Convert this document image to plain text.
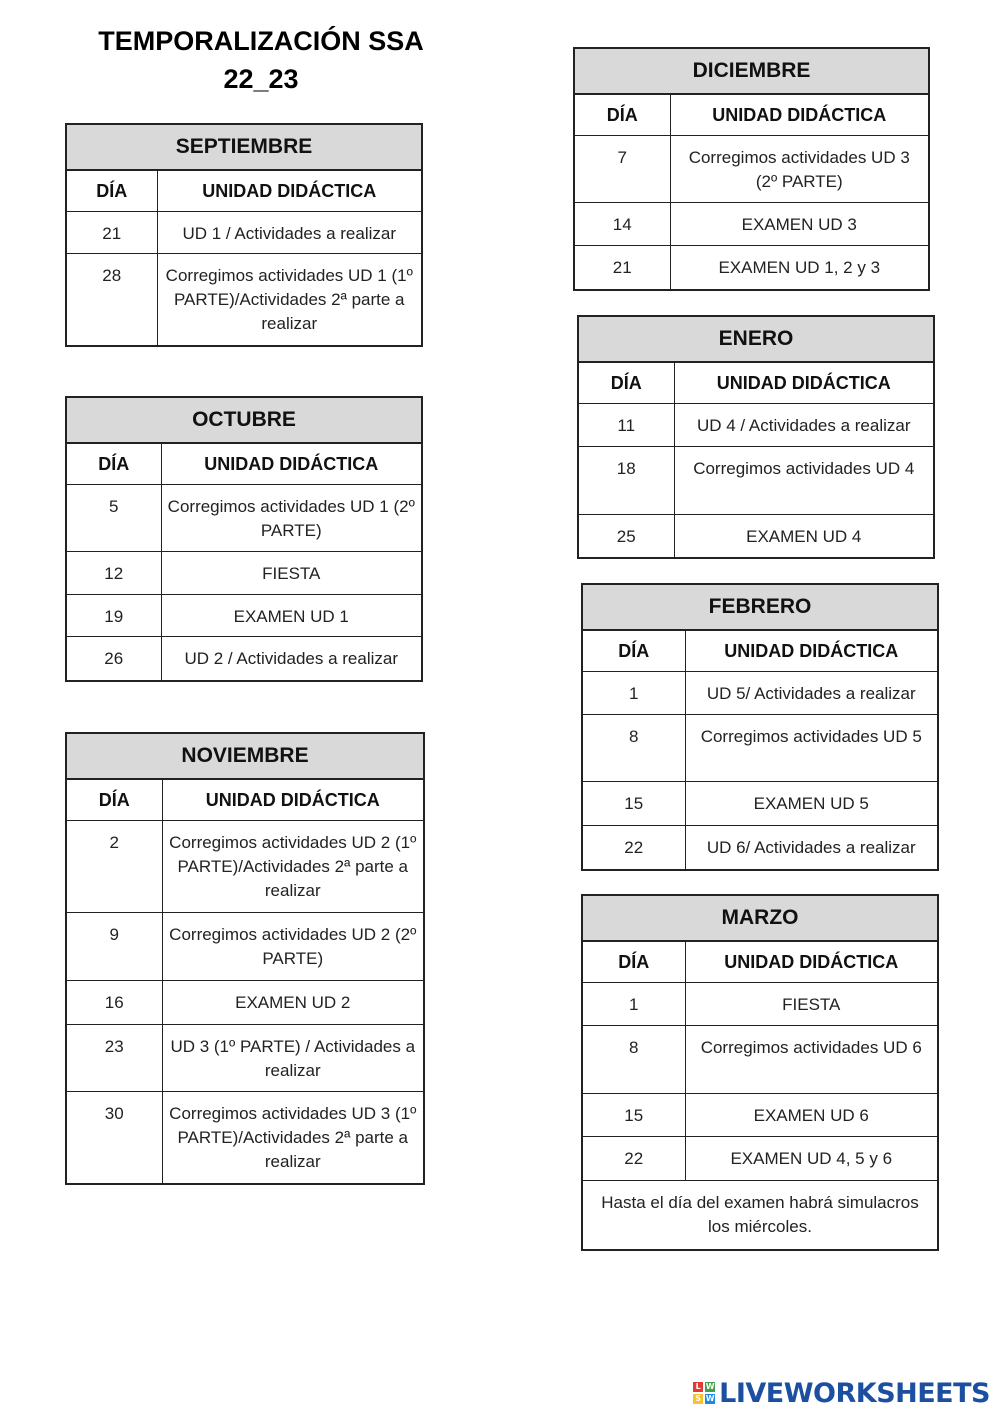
TEMPORALIZACIÓN SSA
22_23
SEPTIEMBRE	
DÍA	UNIDAD DIDÁCTICA
21	UD 1 / Actividades a realizar
28	Corregimos actividades UD 1 (1º PARTE)/Actividades 2ª parte a realizar
OCTUBRE	
DÍA	UNIDAD DIDÁCTICA
5	Corregimos actividades UD 1 (2º PARTE)
12	FIESTA
19	EXAMEN UD 1
26	UD 2 / Actividades a realizar
NOVIEMBRE	
DÍA	UNIDAD DIDÁCTICA
2	Corregimos actividades UD 2 (1º PARTE)/Actividades 2ª parte a realizar
9	Corregimos actividades UD 2 (2º PARTE)
16	EXAMEN UD 2
23	UD 3 (1º PARTE) / Actividades a realizar
30	Corregimos actividades UD 3 (1º PARTE)/Actividades 2ª parte a realizar
DICIEMBRE	
DÍA	UNIDAD DIDÁCTICA
7	Corregimos actividades UD 3 (2º PARTE)
14	EXAMEN UD 3
21	EXAMEN UD 1, 2 y 3
ENERO	
DÍA	UNIDAD DIDÁCTICA
11	UD 4 / Actividades a realizar
18	Corregimos actividades UD 4
25	EXAMEN UD 4
FEBRERO	
DÍA	UNIDAD DIDÁCTICA
1	UD 5/ Actividades a realizar
8	Corregimos actividades UD 5
15	EXAMEN UD 5
22	UD 6/ Actividades a realizar
MARZO	
DÍA	UNIDAD DIDÁCTICA
1	FIESTA
8	Corregimos actividades UD 6
15	EXAMEN UD 6
22	EXAMEN UD 4, 5 y 6
Hasta el día del examen habrá simulacros los miércoles.	
L W
S W LIVEWORKSHEETS
